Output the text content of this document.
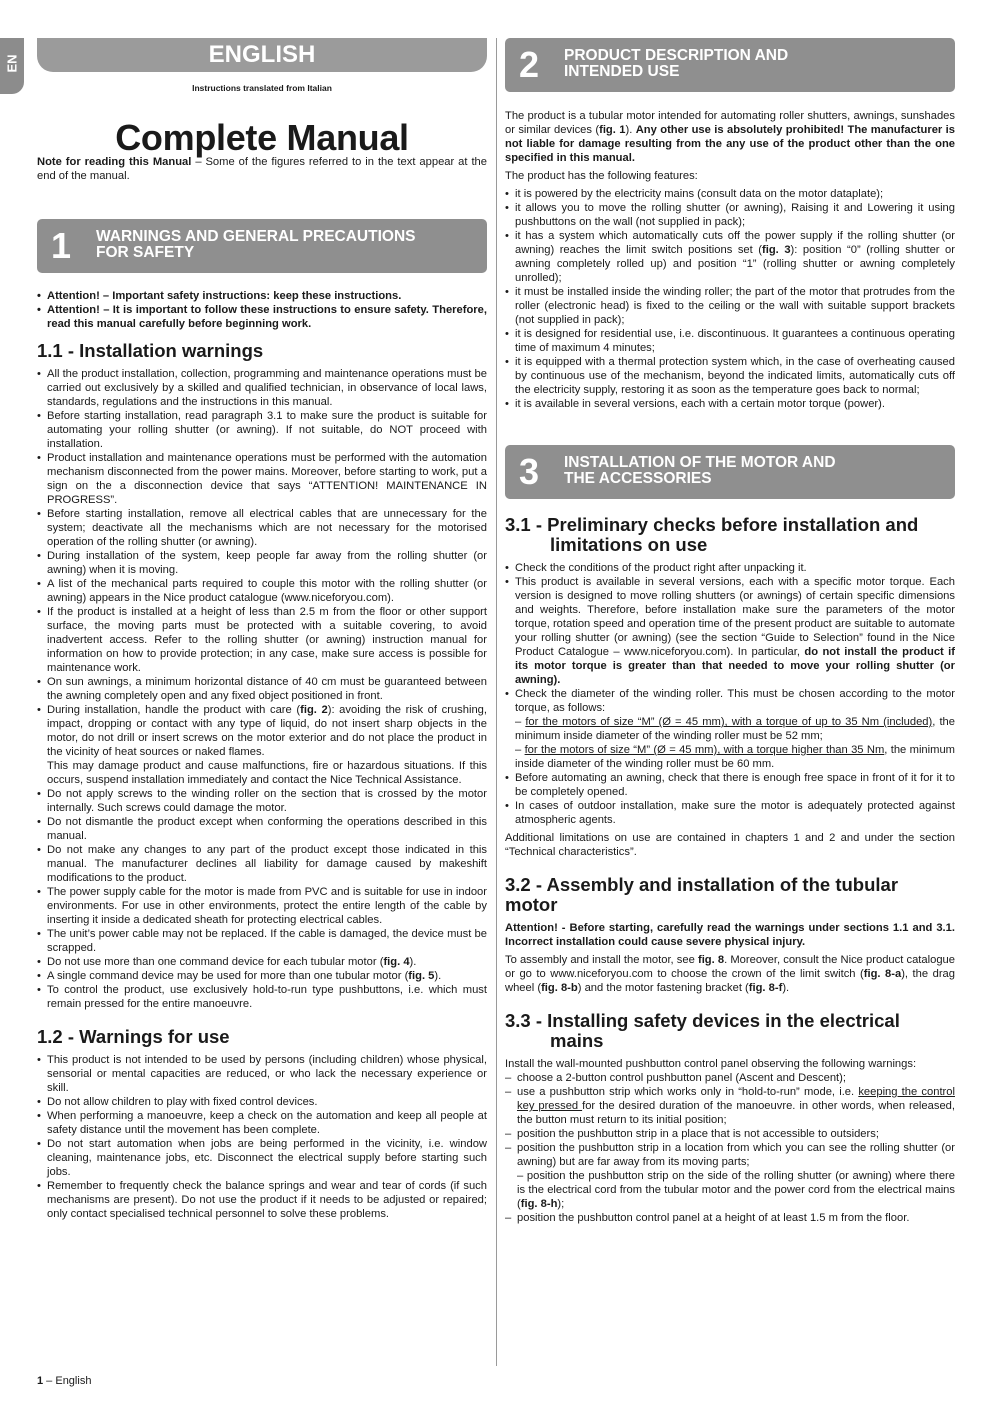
EN	ENGLISH
Instructions translated from Italian
Complete Manual

Note for reading this Manual – Some of the figures referred to in the text appear at the end of the manual.

1 WARNINGS AND GENERAL PRECAUTIONS
FOR SAFETY
• Attention! – Important safety instructions: keep these instructions.
• Attention! – It is important to follow these instructions to ensure safety. Therefore, read this manual carefully before beginning work.
1.1 - Installation warnings
• All the product installation, collection, programming and maintenance operations must be carried out exclusively by a skilled and qualified technician, in observance of local laws, standards, regulations and the instructions in this manual.
• Before starting installation, read paragraph 3.1 to make sure the product is suitable for automating your rolling shutter (or awning). If not suitable, do NOT proceed with installation.
• Product installation and maintenance operations must be performed with the automation mechanism disconnected from the power mains. Moreover, before starting to work, put a sign on the a disconnection device that says “ATTENTION! MAINTENANCE IN PROGRESS”.
• Before starting installation, remove all electrical cables that are unnecessary for the system; deactivate all the mechanisms which are not necessary for the motorised operation of the rolling shutter (or awning).
• During installation of the system, keep people far away from the rolling shutter (or awning) when it is moving.
• A list of the mechanical parts required to couple this motor with the rolling shutter (or awning) appears in the Nice product catalogue (www.niceforyou.com).
• If the product is installed at a height of less than 2.5 m from the floor or other support surface, the moving parts must be protected with a suitable covering, to avoid inadvertent access. Refer to the rolling shutter (or awning) instruction manual for information on how to provide protection; in any case, make sure access is possible for maintenance work.
• On sun awnings, a minimum horizontal distance of 40 cm must be guaranteed between the awning completely open and any fixed object positioned in front.
• During installation, handle the product with care (fig. 2): avoiding the risk of crushing, impact, dropping or contact with any type of liquid, do not insert sharp objects in the motor, do not drill or insert screws on the motor exterior and do not place the product in the vicinity of heat sources or naked flames.
This may damage product and cause malfunctions, fire or hazardous situations. If this occurs, suspend installation immediately and contact the Nice Technical Assistance.
• Do not apply screws to the winding roller on the section that is crossed by the motor internally. Such screws could damage the motor.
• Do not dismantle the product except when conforming the operations described in this manual.
• Do not make any changes to any part of the product except those indicated in this manual. The manufacturer declines all liability for damage caused by makeshift modifications to the product.
• The power supply cable for the motor is made from PVC and is suitable for use in indoor environments. For use in other environments, protect the entire length of the cable by inserting it inside a dedicated sheath for protecting electrical cables.
• The unit’s power cable may not be replaced. If the cable is damaged, the device must be scrapped.
• Do not use more than one command device for each tubular motor (fig. 4).
• A single command device may be used for more than one tubular motor (fig. 5).
• To control the product, use exclusively hold-to-run type pushbuttons, i.e. which must remain pressed for the entire manoeuvre.
1.2 - Warnings for use
• This product is not intended to be used by persons (including children) whose physical, sensorial or mental capacities are reduced, or who lack the necessary experience or skill.
• Do not allow children to play with fixed control devices.
• When performing a manoeuvre, keep a check on the automation and keep all people at safety distance until the movement has been complete.
• Do not start automation when jobs are being performed in the vicinity, i.e. window cleaning, maintenance jobs, etc. Disconnect the electrical supply before starting such jobs.
• Remember to frequently check the balance springs and wear and tear of cords (if such mechanisms are present). Do not use the product if it needs to be adjusted or repaired; only contact specialised technical personnel to solve these problems.
2 PRODUCT DESCRIPTION AND
INTENDED USE

The product is a tubular motor intended for automating roller shutters, awnings, sunshades or similar devices (fig. 1). Any other use is absolutely prohibited! The manufacturer is not liable for damage resulting from the any use of the product other than the one specified in this manual.

The product has the following features:

• it is powered by the electricity mains (consult data on the motor dataplate);
• it allows you to move the rolling shutter (or awning), Raising it and Lowering it using pushbuttons on the wall (not supplied in pack);
• it has a system which automatically cuts off the power supply if the rolling shutter (or awning) reaches the limit switch positions set (fig. 3): position “0” (rolling shutter or awning completely rolled up) and position “1” (rolling shutter or awning completely unrolled);
• it must be installed inside the winding roller; the part of the motor that protrudes from the roller (electronic head) is fixed to the ceiling or the wall with suitable support brackets (not supplied in pack);
• it is designed for residential use, i.e. discontinuous. It guarantees a continuous operating time of maximum 4 minutes;
• it is equipped with a thermal protection system which, in the case of overheating caused by continuous use of the mechanism, beyond the indicated limits, automatically cuts off the electricity supply, restoring it as soon as the temperature goes back to normal;
• it is available in several versions, each with a certain motor torque (power).
3 INSTALLATION OF THE MOTOR AND
THE ACCESSORIES
3.1 - Preliminary checks before installation and limitations on use
• Check the conditions of the product right after unpacking it.
• This product is available in several versions, each with a specific motor torque. Each version is designed to move rolling shutters (or awnings) of certain specific dimensions and weights. Therefore, before installation make sure the parameters of the motor torque, rotation speed and operation time of the present product are suitable to automate your rolling shutter (or awning) (see the section “Guide to Selection” found in the Nice Product Catalogue – www.niceforyou.com). In particular, do not install the product if its motor torque is greater than that needed to move your rolling shutter (or awning).
• Check the diameter of the winding roller. This must be chosen according to the motor torque, as follows:
– for the motors of size “M” (Ø = 45 mm), with a torque of up to 35 Nm (included), the minimum inside diameter of the winding roller must be 52 mm;
– for the motors of size “M” (Ø = 45 mm), with a torque higher than 35 Nm, the minimum inside diameter of the winding roller must be 60 mm.
• Before automating an awning, check that there is enough free space in front of it for it to be completely opened.
• In cases of outdoor installation, make sure the motor is adequately protected against atmospheric agents.

Additional limitations on use are contained in chapters 1 and 2 and under the section “Technical characteristics”.

3.2 - Assembly and installation of the tubular motor

Attention! - Before starting, carefully read the warnings under sections 1.1 and 3.1. Incorrect installation could cause severe physical injury.

To assembly and install the motor, see fig. 8. Moreover, consult the Nice product catalogue or go to www.niceforyou.com to choose the crown of the limit switch (fig. 8-a), the drag wheel (fig. 8-b) and the motor fastening bracket (fig. 8-f).

3.3 - Installing safety devices in the electrical mains

Install the wall-mounted pushbutton control panel observing the following warnings:

– choose a 2-button control pushbutton panel (Ascent and Descent);
– use a pushbutton strip which works only in “hold-to-run” mode, i.e. keeping the control key pressed for the desired duration of the manoeuvre. in other words, when released, the button must return to its initial position;
– position the pushbutton strip in a place that is not accessible to outsiders;
– position the pushbutton strip in a location from which you can see the rolling shutter (or awning) but are far away from its moving parts;
– position the pushbutton strip on the side of the rolling shutter (or awning) where there is the electrical cord from the tubular motor and the power cord from the electrical mains (fig. 8-h);
– position the pushbutton control panel at a height of at least 1.5 m from the floor.
1 – English
